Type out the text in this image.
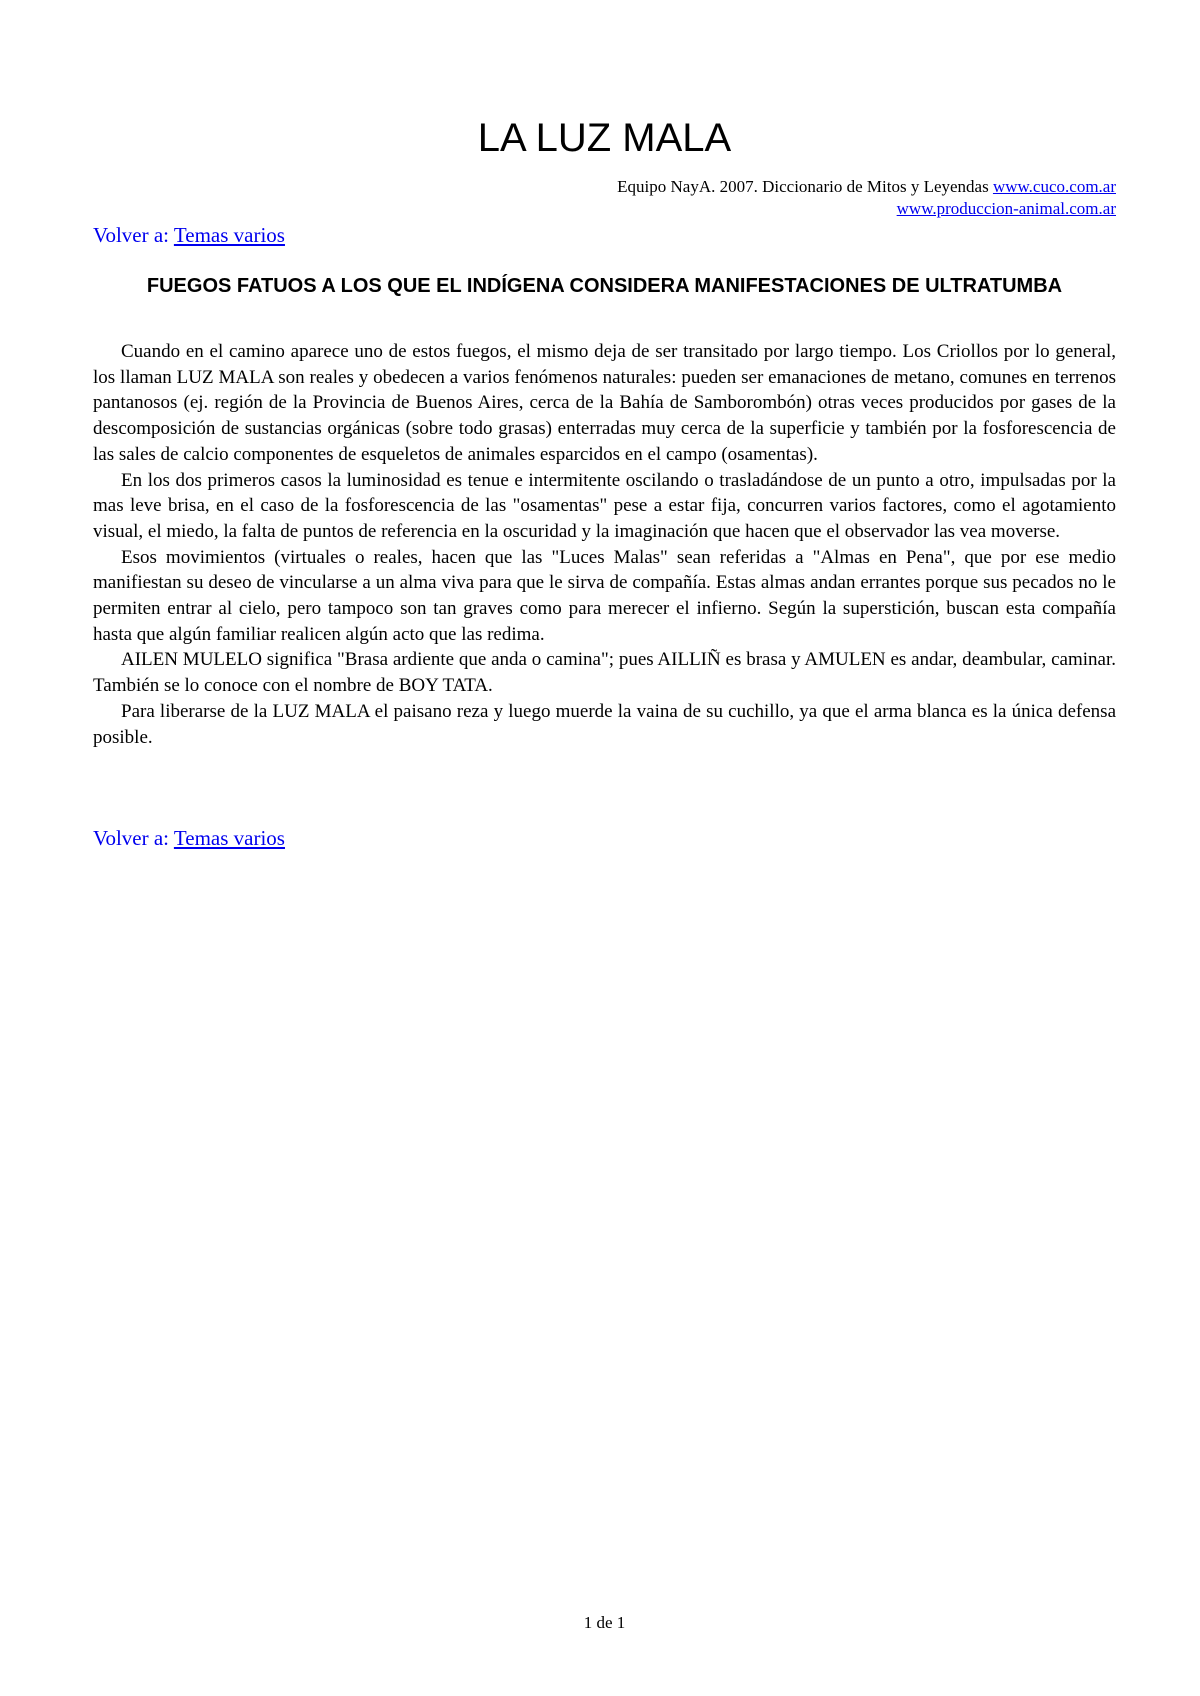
LA LUZ MALA
Equipo NayA. 2007. Diccionario de Mitos y Leyendas www.cuco.com.ar
www.produccion-animal.com.ar
Volver a: Temas varios
FUEGOS FATUOS A LOS QUE EL INDÍGENA CONSIDERA MANIFESTACIONES DE ULTRATUMBA

Cuando en el camino aparece uno de estos fuegos, el mismo deja de ser transitado por largo tiempo. Los Criollos por lo general, los llaman LUZ MALA son reales y obedecen a varios fenómenos naturales: pueden ser emanaciones de metano, comunes en terrenos pantanosos (ej. región de la Provincia de Buenos Aires, cerca de la Bahía de Samborombón) otras veces producidos por gases de la descomposición de sustancias orgánicas (sobre todo grasas) enterradas muy cerca de la superficie y también por la fosforescencia de las sales de calcio componentes de esqueletos de animales esparcidos en el campo (osamentas).

En los dos primeros casos la luminosidad es tenue e intermitente oscilando o trasladándose de un punto a otro, impulsadas por la mas leve brisa, en el caso de la fosforescencia de las "osamentas" pese a estar fija, concurren varios factores, como el agotamiento visual, el miedo, la falta de puntos de referencia en la oscuridad y la imaginación que hacen que el observador las vea moverse.

Esos movimientos (virtuales o reales, hacen que las "Luces Malas" sean referidas a "Almas en Pena", que por ese medio manifiestan su deseo de vincularse a un alma viva para que le sirva de compañía. Estas almas andan errantes porque sus pecados no le permiten entrar al cielo, pero tampoco son tan graves como para merecer el infierno. Según la superstición, buscan esta compañía hasta que algún familiar realicen algún acto que las redima.

AILEN MULELO significa "Brasa ardiente que anda o camina"; pues AILLIÑ es brasa y AMULEN es andar, deambular, caminar. También se lo conoce con el nombre de BOY TATA.

Para liberarse de la LUZ MALA el paisano reza y luego muerde la vaina de su cuchillo, ya que el arma blanca es la única defensa posible.

Volver a: Temas varios
1 de 1
